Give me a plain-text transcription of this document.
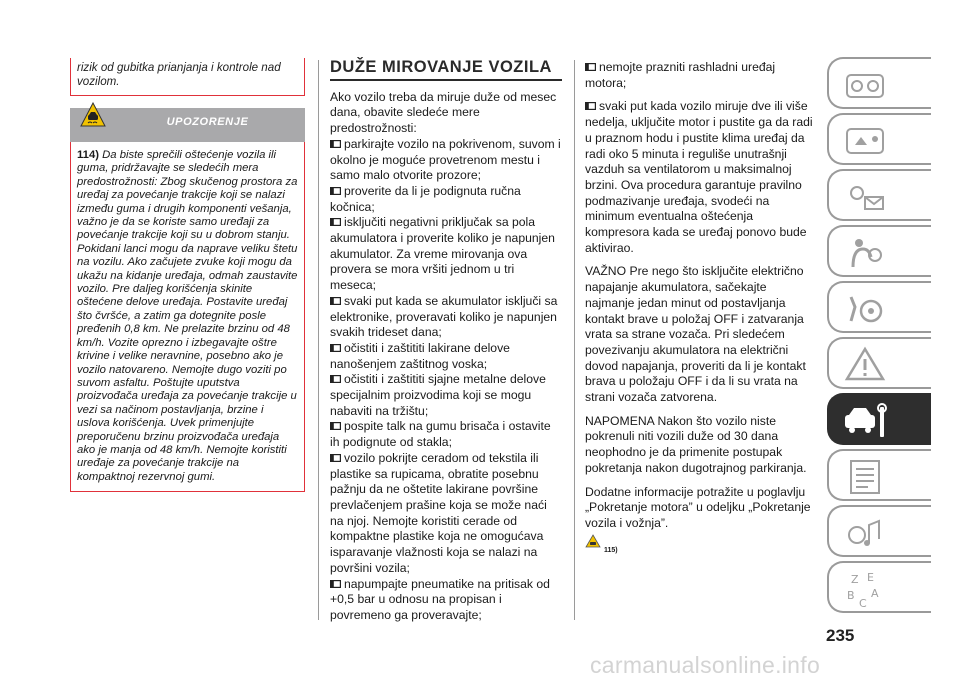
rizik od gubitka prianjanja i kontrole nad vozilom.
UPOZORENJE
114) Da biste sprečili oštećenje vozila ili guma, pridržavajte se sledećih mera predostrožnosti: Zbog skučenog prostora za uređaj za povećanje trakcije koji se nalazi između guma i drugih komponenti vešanja, važno je da se koriste samo uređaji za povećanje trakcije koji su u dobrom stanju. Pokidani lanci mogu da naprave veliku štetu na vozilu. Ako začujete zvuke koji mogu da ukažu na kidanje uređaja, odmah zaustavite vozilo. Pre daljeg korišćenja skinite oštećene delove uređaja. Postavite uređaj što čvršće, a zatim ga dotegnite posle pređenih 0,8 km. Ne prelazite brzinu od 48 km/h. Vozite oprezno i izbegavajte oštre krivine i velike neravnine, posebno ako je vozilo natovareno. Nemojte dugo voziti po suvom asfaltu. Poštujte uputstva proizvođača uređaja za povećanje trakcije u vezi sa načinom postavljanja, brzine i uslova korišćenja. Uvek primenjujte preporučenu brzinu proizvođača uređaja ako je manja od 48 km/h. Nemojte koristiti uređaje za povećanje trakcije na kompaktnoj rezervnoj gumi.
DUŽE MIROVANJE VOZILA

Ako vozilo treba da miruje duže od mesec dana, obavite sledeće mere predostrožnosti:

parkirajte vozilo na pokrivenom, suvom i okolno je moguće provetrenom mestu i samo malo otvorite prozore;

proverite da li je podignuta ručna kočnica;

isključiti negativni priključak sa pola akumulatora i proverite koliko je napunjen akumulator. Za vreme mirovanja ova provera se mora vršiti jednom u tri meseca;

svaki put kada se akumulator isključi sa elektronike, proveravati koliko je napunjen svakih trideset dana;

očistiti i zaštititi lakirane delove nanošenjem zaštitnog voska;

očistiti i zaštititi sjajne metalne delove specijalnim proizvodima koji se mogu nabaviti na tržištu;

pospite talk na gumu brisača i ostavite ih podignute od stakla;

vozilo pokrijte ceradom od tekstila ili plastike sa rupicama, obratite posebnu pažnju da ne oštetite lakirane površine prevlačenjem prašine koja se može naći na njoj. Nemojte koristiti cerade od kompaktne plastike koja ne omogućava isparavanje vlažnosti koja se nalazi na površini vozila;

napumpajte pneumatike na pritisak od +0,5 bar u odnosu na propisan i povremeno ga proveravajte;

nemojte prazniti rashladni uređaj motora;

svaki put kada vozilo miruje dve ili više nedelja, uključite motor i pustite ga da radi u praznom hodu i pustite klima uređaj da radi oko 5 minuta i reguliše unutrašnji vazduh sa ventilatorom u maksimalnoj brzini. Ova procedura garantuje pravilno podmazivanje uređaja, svodeći na minimum eventualna oštećenja kompresora kada se uređaj ponovo bude aktivirao.

VAŽNO Pre nego što isključite električno napajanje akumulatora, sačekajte najmanje jedan minut od postavljanja kontakt brave u položaj OFF i zatvaranja vrata sa strane vozača. Pri sledećem povezivanju akumulatora na električni dovod napajanja, proveriti da li je kontakt brava u položaju OFF i da li su vrata na strani vozača zatvorena.

NAPOMENA Nakon što vozilo niste pokrenuli niti vozili duže od 30 dana neophodno je da primenite postupak pokretanja nakon dugotrajnog parkiranja.

Dodatne informacije potražite u poglavlju „Pokretanje motora” u odeljku „Pokretanje vozila i vožnja”.

115)
Z E
B A
C
235
carmanualsonline.info
